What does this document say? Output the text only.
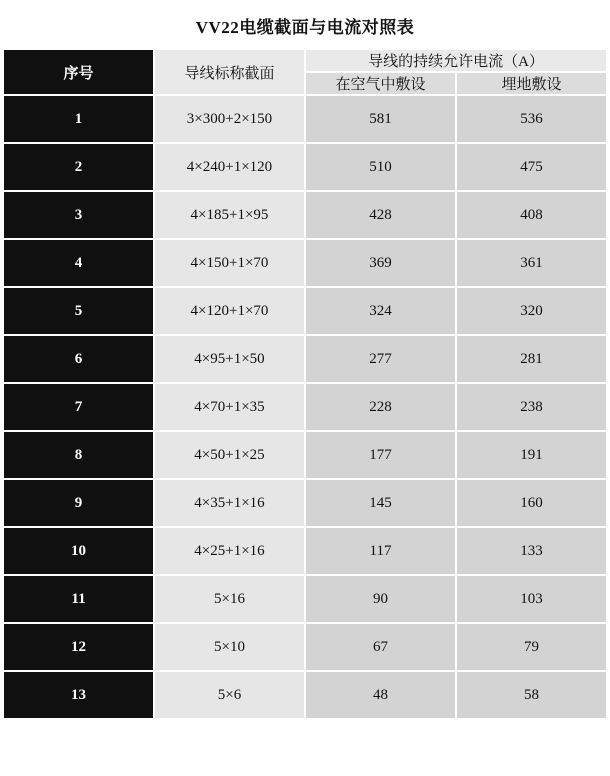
VV22电缆截面与电流对照表			
序号	导线标称截面	导线的持续允许电流（A）	
		在空气中敷设	埋地敷设
1	3×300+2×150	581	536
2	4×240+1×120	510	475
3	4×185+1×95	428	408
4	4×150+1×70	369	361
5	4×120+1×70	324	320
6	4×95+1×50	277	281
7	4×70+1×35	228	238
8	4×50+1×25	177	191
9	4×35+1×16	145	160
10	4×25+1×16	117	133
11	5×16	90	103
12	5×10	67	79
13	5×6	48	58
